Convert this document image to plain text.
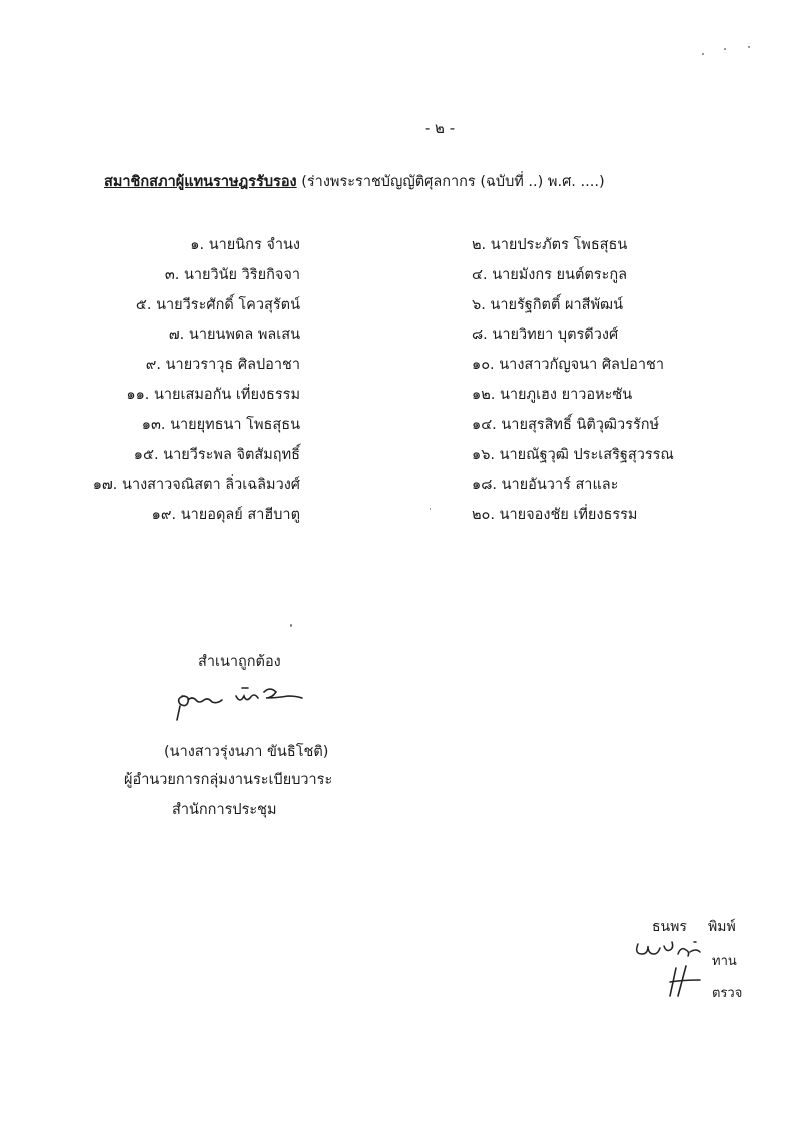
- ๒ -
สมาชิกสภาผู้แทนราษฎรรับรอง (ร่างพระราชบัญญัติศุลกากร (ฉบับที่ ..) พ.ศ. ....)
๑. นายนิกร จำนง
๓. นายวินัย วิริยกิจจา
๕. นายวีระศักดิ์ โควสุรัตน์
๗. นายนพดล พลเสน
๙. นายวราวุธ ศิลปอาชา
๑๑. นายเสมอกัน เที่ยงธรรม
๑๓. นายยุทธนา โพธสุธน
๑๕. นายวีระพล จิตสัมฤทธิ์
๑๗. นางสาวจณิสตา ลิ่วเฉลิมวงศ์
๑๙. นายอดุลย์ สาฮีบาตู
๒. นายประภัตร โพธสุธน
๔. นายมังกร ยนต์ตระกูล
๖. นายรัฐกิตติ์ ผาสีพัฒน์
๘. นายวิทยา บุตรดีวงศ์
๑๐. นางสาวกัญจนา ศิลปอาชา
๑๒. นายภูเฮง ยาวอหะซัน
๑๔. นายสุรสิทธิ์ นิติวุฒิวรรักษ์
๑๖. นายณัฐวุฒิ ประเสริฐสุวรรณ
๑๘. นายอันวาร์ สาและ
๒๐. นายจองชัย เที่ยงธรรม
สำเนาถูกต้อง
(นางสาวรุ่งนภา ขันธิโชติ)
ผู้อำนวยการกลุ่มงานระเบียบวาระ
สำนักการประชุม
ธนพร พิมพ์
ทาน
ตรวจ
